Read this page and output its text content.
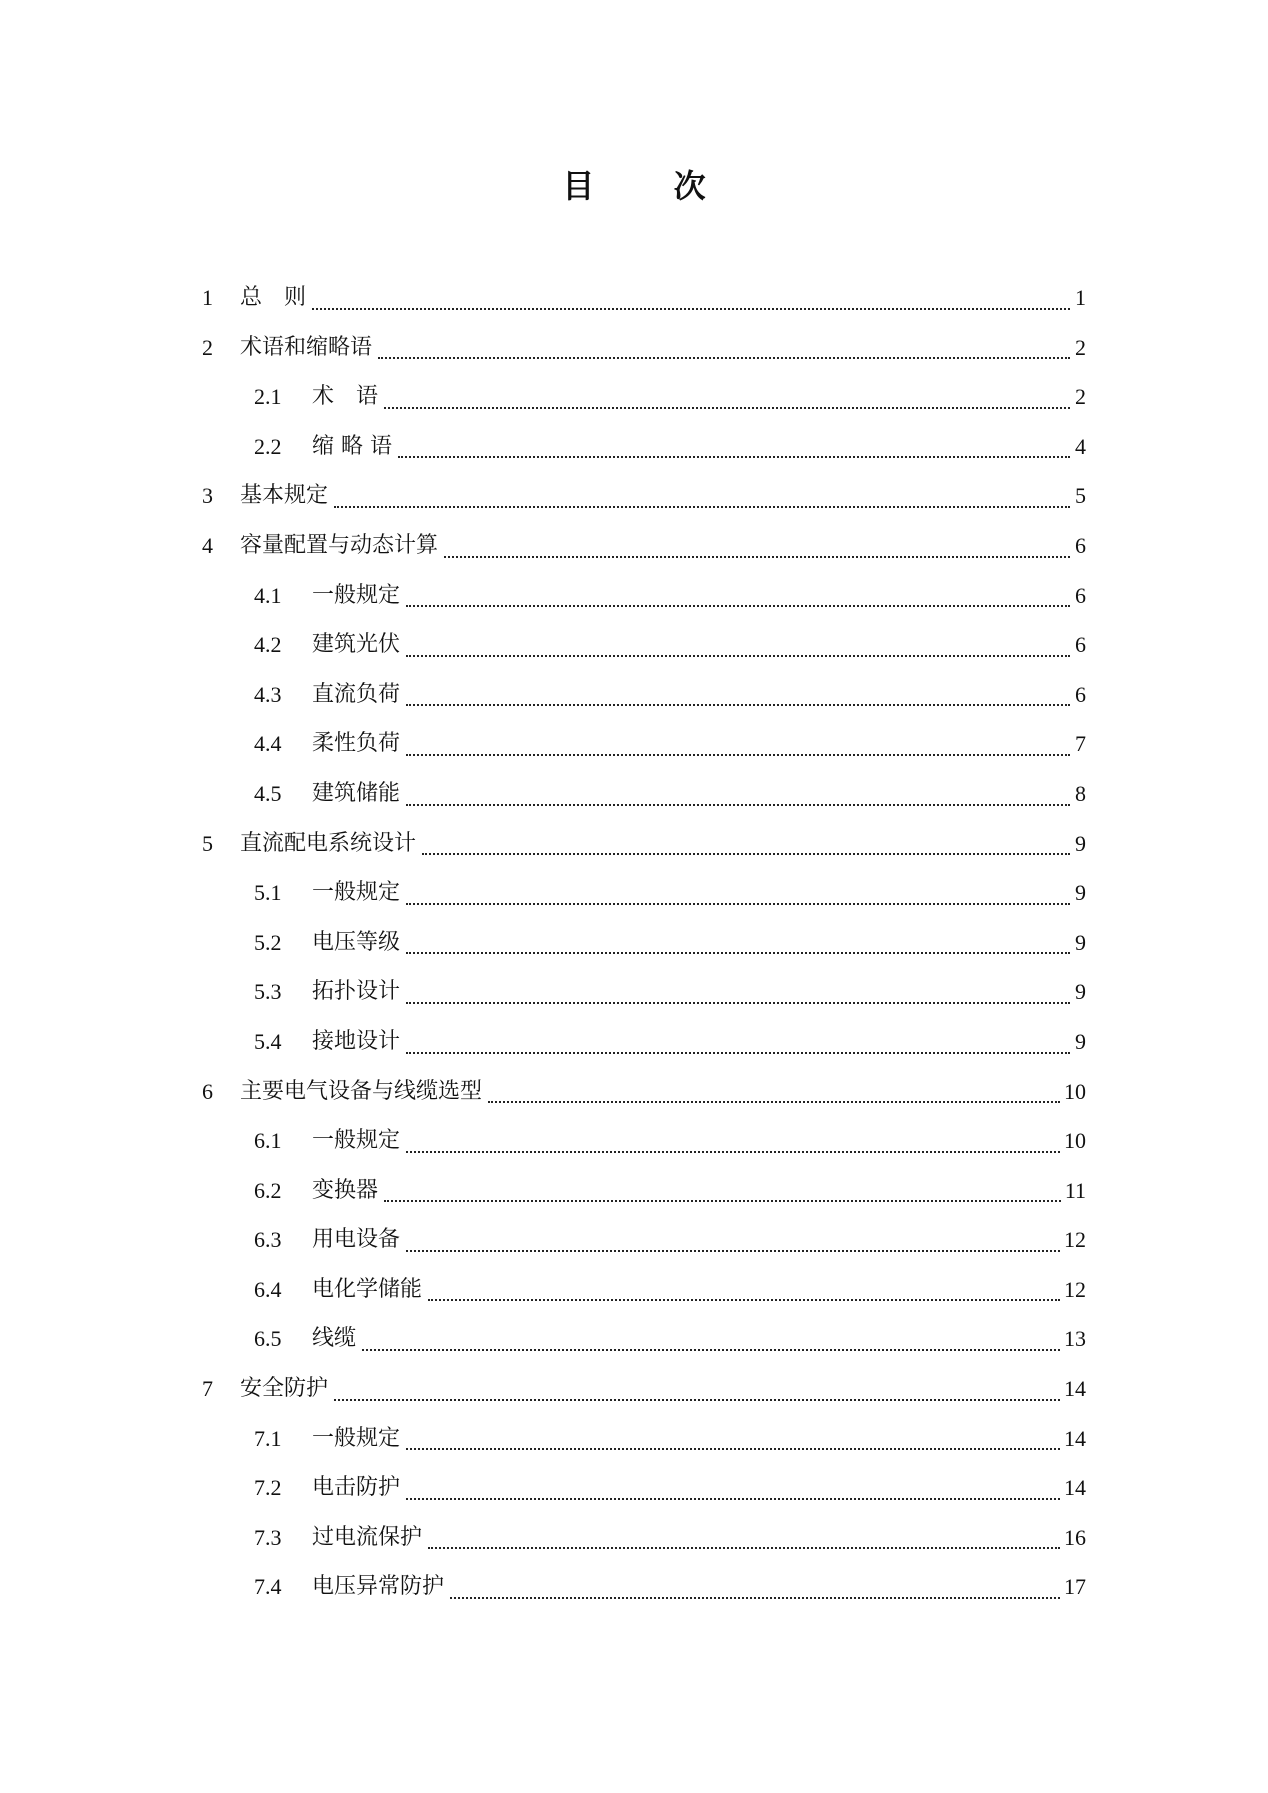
目 次
1	总　则	1
2	术语和缩略语	2
2.1	术　语	2
2.2	缩 略 语	4
3	基本规定	5
4	容量配置与动态计算	6
4.1	一般规定	6
4.2	建筑光伏	6
4.3	直流负荷	6
4.4	柔性负荷	7
4.5	建筑储能	8
5	直流配电系统设计	9
5.1	一般规定	9
5.2	电压等级	9
5.3	拓扑设计	9
5.4	接地设计	9
6	主要电气设备与线缆选型	10
6.1	一般规定	10
6.2	变换器	11
6.3	用电设备	12
6.4	电化学储能	12
6.5	线缆	13
7	安全防护	14
7.1	一般规定	14
7.2	电击防护	14
7.3	过电流保护	16
7.4	电压异常防护	17
